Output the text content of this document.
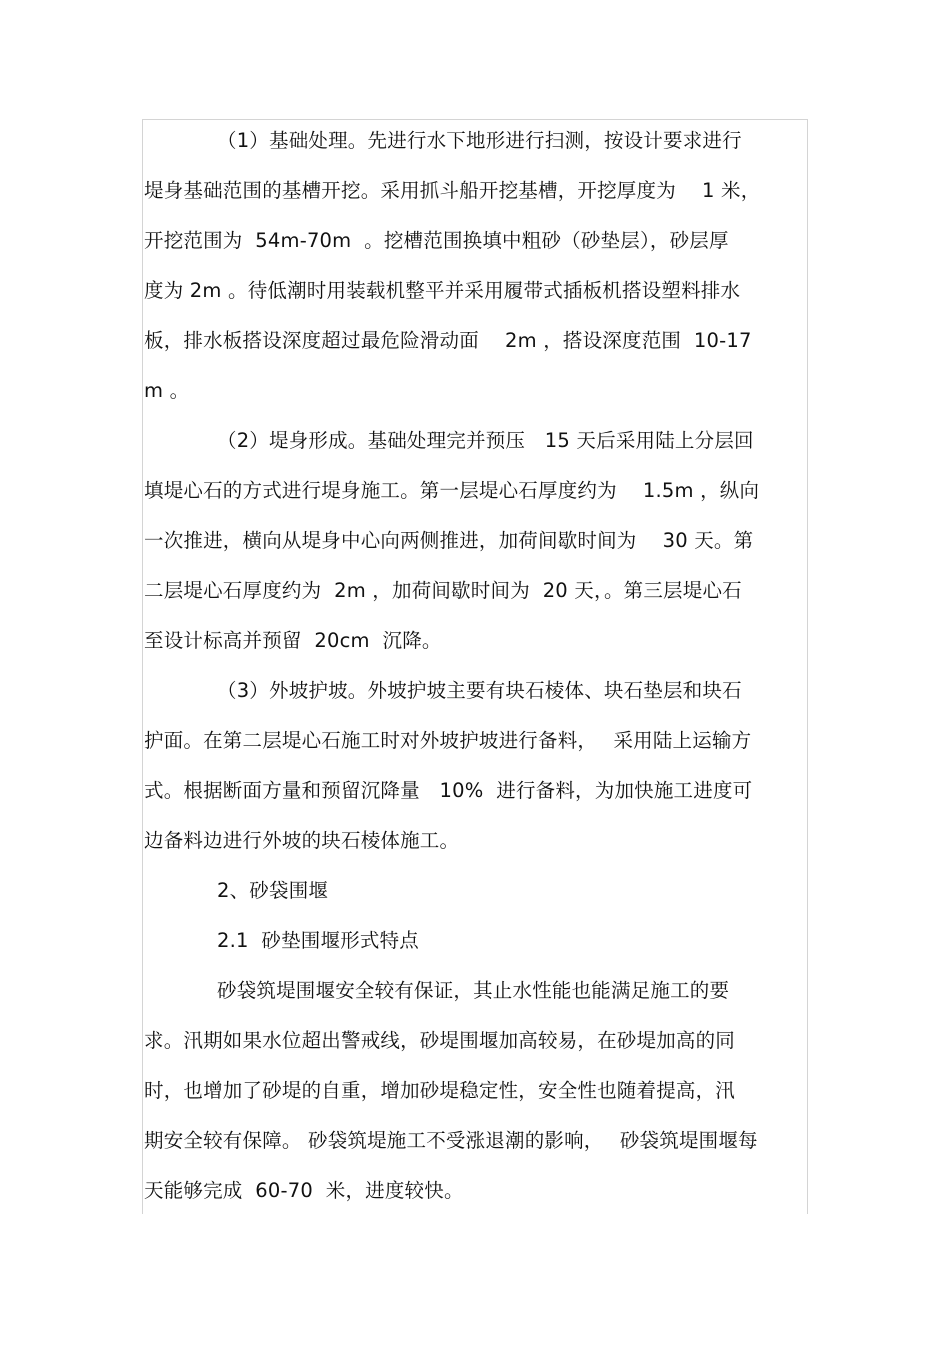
（1）基础处理。先进行水下地形进行扫测，按设计要求进行
堤身基础范围的基槽开挖。采用抓斗船开挖基槽，开挖厚度为　 1 米，
开挖范围为  54m-70m  。挖槽范围换填中粗砂（砂垫层），砂层厚
度为 2m 。待低潮时用装载机整平并采用履带式插板机搭设塑料排水
板，排水板搭设深度超过最危险滑动面　 2m ，搭设深度范围  10-17
m 。
（2）堤身形成。基础处理完并预压　15 天后采用陆上分层回
填堤心石的方式进行堤身施工。第一层堤心石厚度约为　 1.5m ，纵向
一次推进，横向从堤身中心向两侧推进，加荷间歇时间为　 30 天。第
二层堤心石厚度约为  2m ，加荷间歇时间为  20 天，。第三层堤心石
至设计标高并预留  20cm  沉降。
（3）外坡护坡。外坡护坡主要有块石棱体、块石垫层和块石
护面。在第二层堤心石施工时对外坡护坡进行备料，　 采用陆上运输方
式。根据断面方量和预留沉降量　10%  进行备料，为加快施工进度可
边备料边进行外坡的块石棱体施工。
2、砂袋围堰
2.1  砂垫围堰形式特点
砂袋筑堤围堰安全较有保证，其止水性能也能满足施工的要
求。汛期如果水位超出警戒线，砂堤围堰加高较易，在砂堤加高的同
时，也增加了砂堤的自重，增加砂堤稳定性，安全性也随着提高，汛
期安全较有保障。 砂袋筑堤施工不受涨退潮的影响，　 砂袋筑堤围堰每
天能够完成  60-70  米，进度较快。
